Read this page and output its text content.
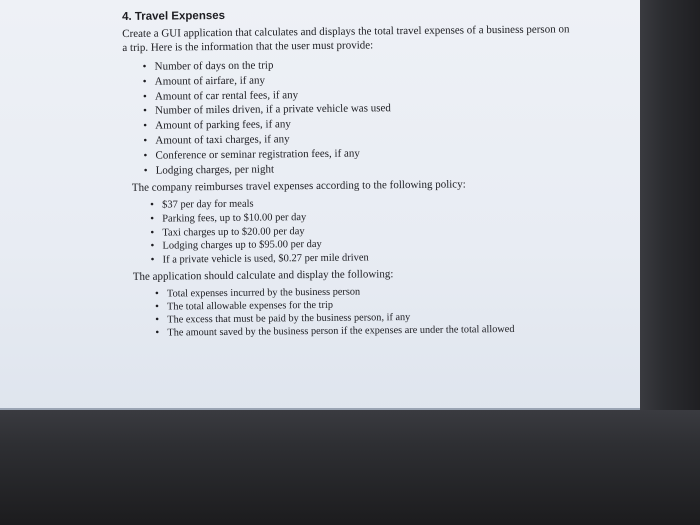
4. Travel Expenses
Create a GUI application that calculates and displays the total travel expenses of a business person on a trip. Here is the information that the user must provide:
• Number of days on the trip
• Amount of airfare, if any
• Amount of car rental fees, if any
• Number of miles driven, if a private vehicle was used
• Amount of parking fees, if any
• Amount of taxi charges, if any
• Conference or seminar registration fees, if any
• Lodging charges, per night
The company reimburses travel expenses according to the following policy:
• $37 per day for meals
• Parking fees, up to $10.00 per day
• Taxi charges up to $20.00 per day
• Lodging charges up to $95.00 per day
• If a private vehicle is used, $0.27 per mile driven
The application should calculate and display the following:
• Total expenses incurred by the business person
• The total allowable expenses for the trip
• The excess that must be paid by the business person, if any
• The amount saved by the business person if the expenses are under the total allowed
